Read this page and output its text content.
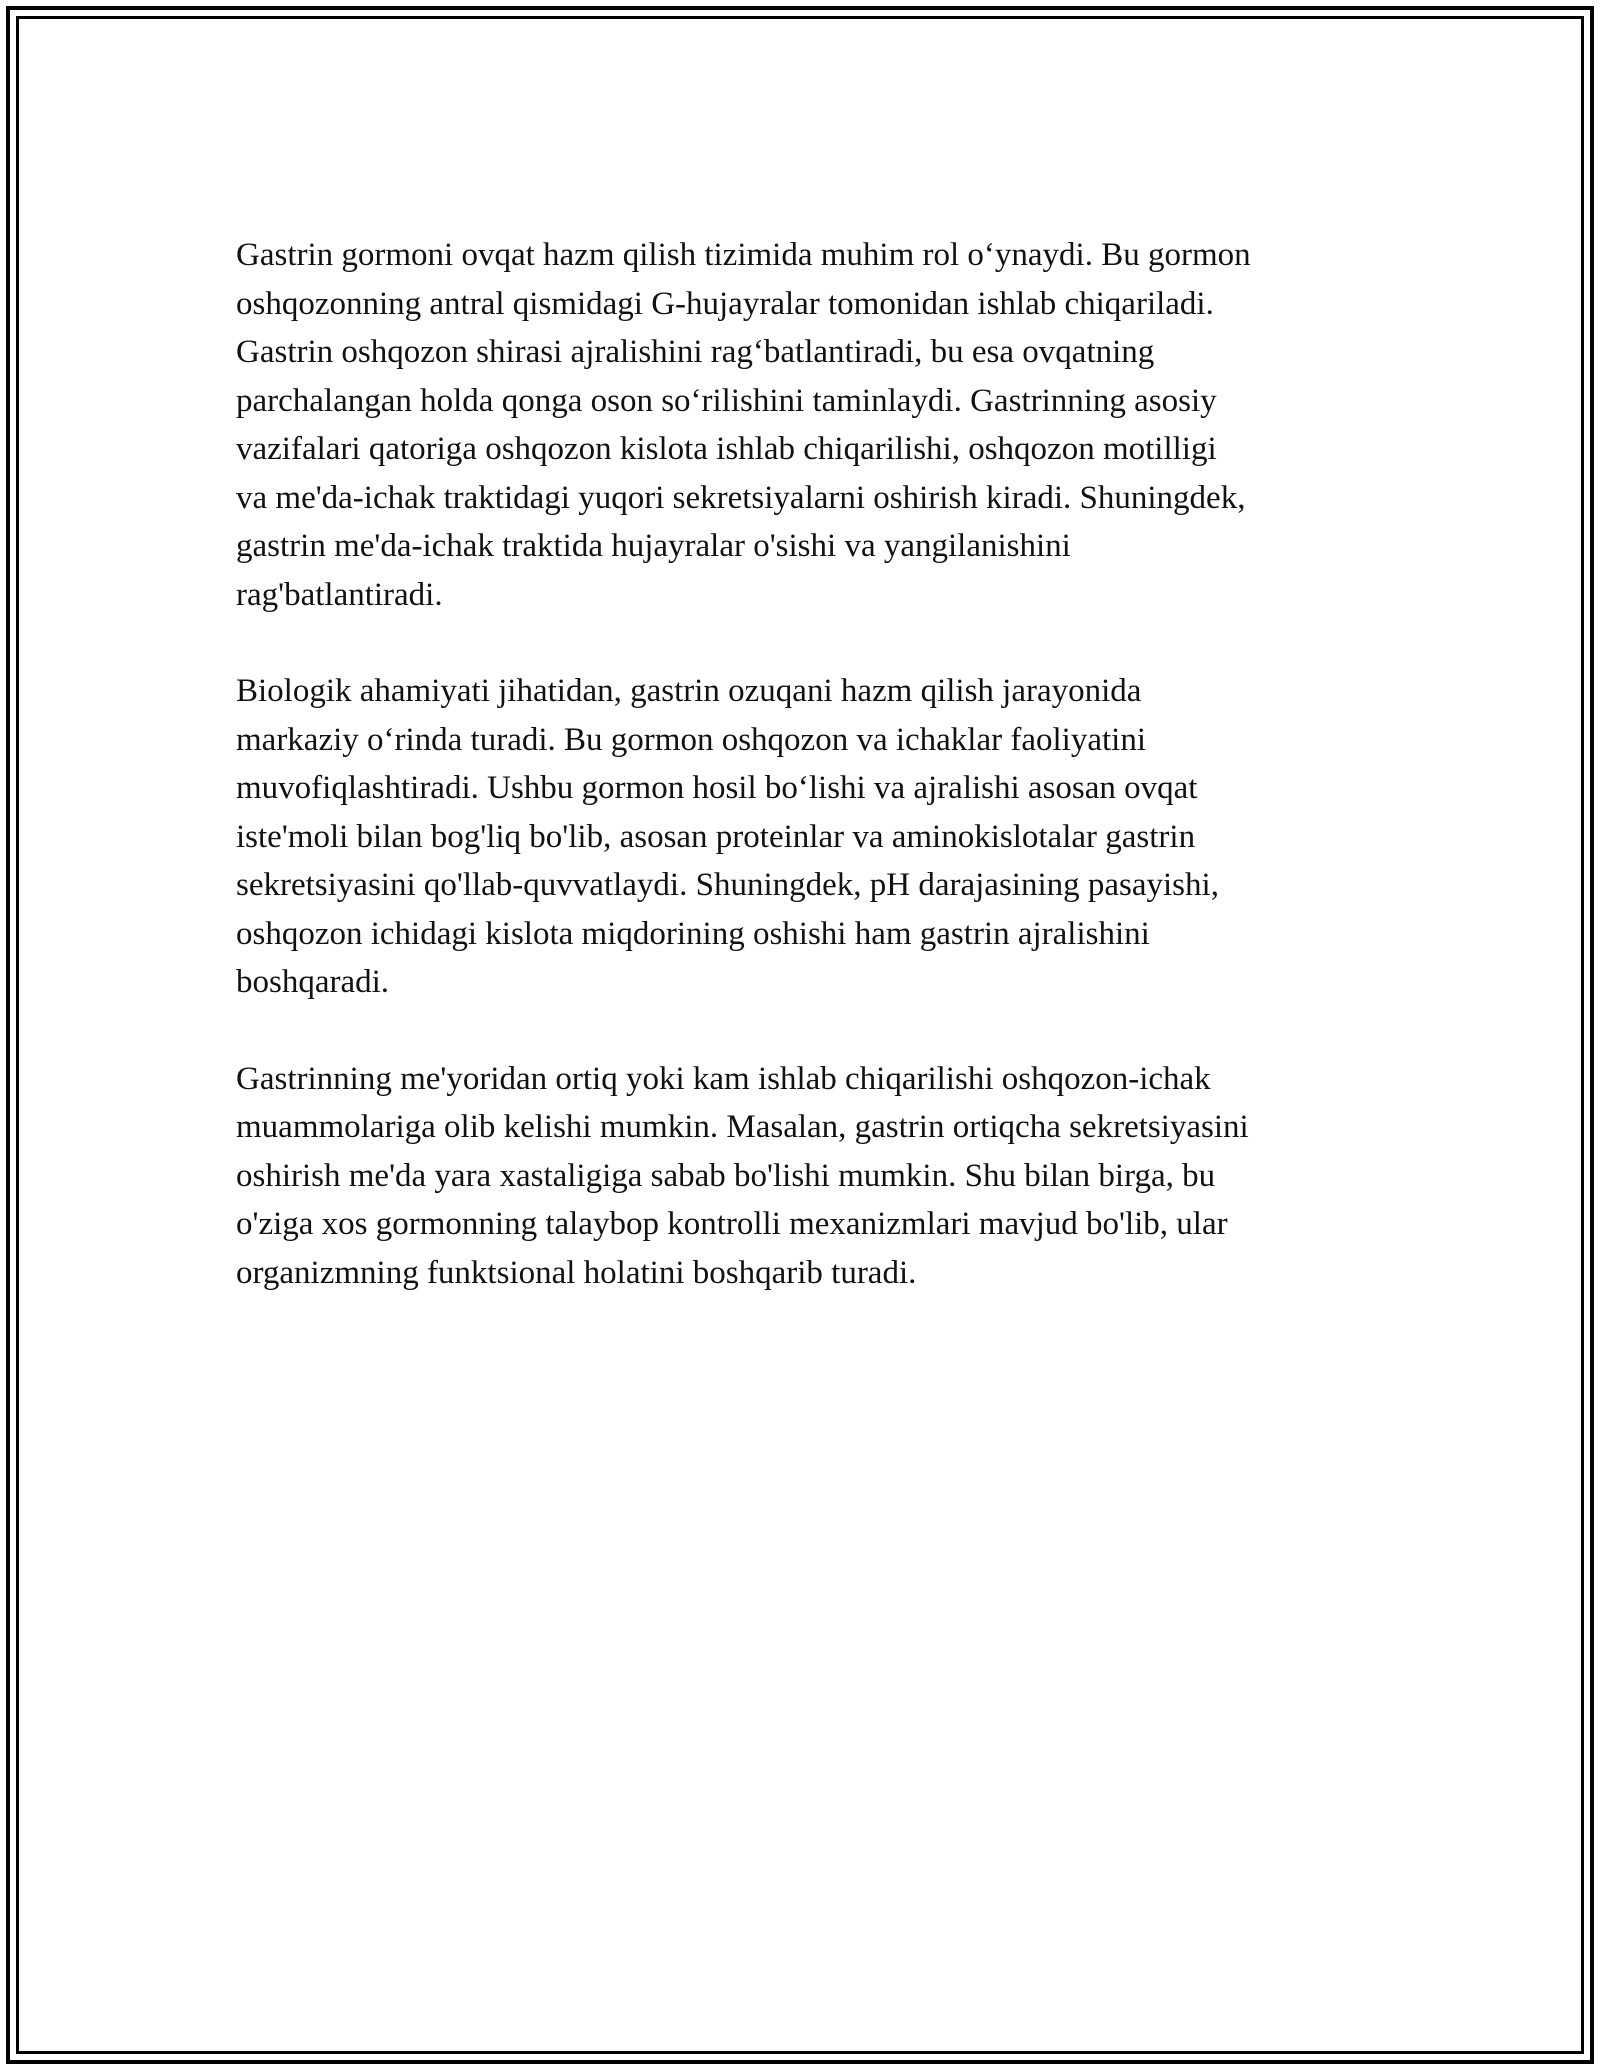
Gastrin gormoni ovqat hazm qilish tizimida muhim rol o‘ynaydi. Bu gormon
oshqozonning antral qismidagi G-hujayralar tomonidan ishlab chiqariladi.
Gastrin oshqozon shirasi ajralishini rag‘batlantiradi, bu esa ovqatning
parchalangan holda qonga oson so‘rilishini taminlaydi. Gastrinning asosiy
vazifalari qatoriga oshqozon kislota ishlab chiqarilishi, oshqozon motilligi
va me'da-ichak traktidagi yuqori sekretsiyalarni oshirish kiradi. Shuningdek,
gastrin me'da-ichak traktida hujayralar o'sishi va yangilanishini
rag'batlantiradi.

Biologik ahamiyati jihatidan, gastrin ozuqani hazm qilish jarayonida
markaziy o‘rinda turadi. Bu gormon oshqozon va ichaklar faoliyatini
muvofiqlashtiradi. Ushbu gormon hosil bo‘lishi va ajralishi asosan ovqat
iste'moli bilan bog'liq bo'lib, asosan proteinlar va aminokislotalar gastrin
sekretsiyasini qo'llab-quvvatlaydi. Shuningdek, pH darajasining pasayishi,
oshqozon ichidagi kislota miqdorining oshishi ham gastrin ajralishini
boshqaradi.

Gastrinning me'yoridan ortiq yoki kam ishlab chiqarilishi oshqozon-ichak
muammolariga olib kelishi mumkin. Masalan, gastrin ortiqcha sekretsiyasini
oshirish me'da yara xastaligiga sabab bo'lishi mumkin. Shu bilan birga, bu
o'ziga xos gormonning talaybop kontrolli mexanizmlari mavjud bo'lib, ular
organizmning funktsional holatini boshqarib turadi.
